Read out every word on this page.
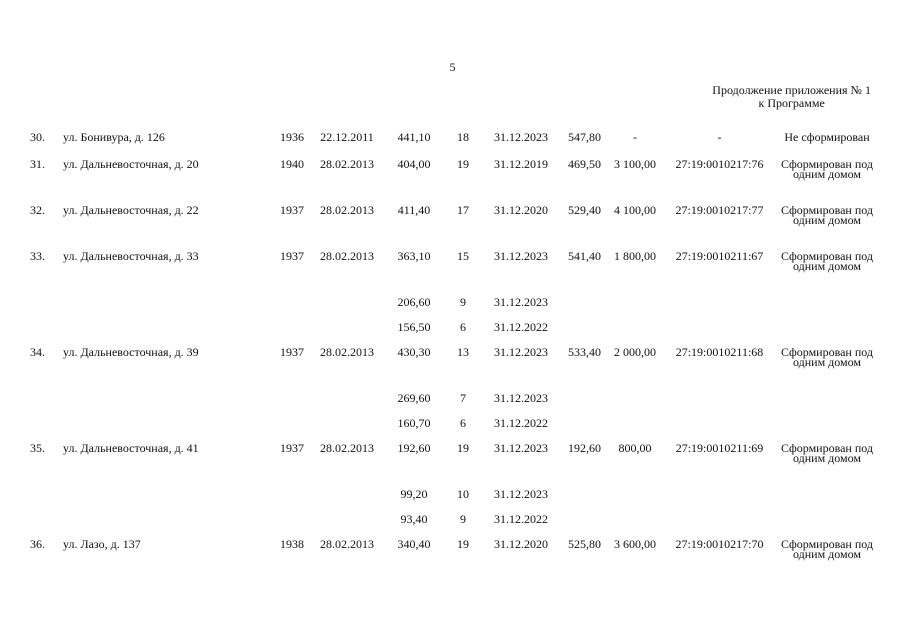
5
Продолжение приложения № 1
к Программе
30.	ул. Бонивура, д. 126	1936	22.12.2011	441,10	18	31.12.2023	547,80	-	-	Не сформирован
31.	ул. Дальневосточная, д. 20	1940	28.02.2013	404,00	19	31.12.2019	469,50	3 100,00	27:19:0010217:76	Сформирован под одним домом
32.	ул. Дальневосточная, д. 22	1937	28.02.2013	411,40	17	31.12.2020	529,40	4 100,00	27:19:0010217:77	Сформирован под одним домом
33.	ул. Дальневосточная, д. 33	1937	28.02.2013	363,10	15	31.12.2023	541,40	1 800,00	27:19:0010211:67	Сформирован под одним домом
				206,60	9	31.12.2023				
				156,50	6	31.12.2022				
34.	ул. Дальневосточная, д. 39	1937	28.02.2013	430,30	13	31.12.2023	533,40	2 000,00	27:19:0010211:68	Сформирован под одним домом
				269,60	7	31.12.2023				
				160,70	6	31.12.2022				
35.	ул. Дальневосточная, д. 41	1937	28.02.2013	192,60	19	31.12.2023	192,60	800,00	27:19:0010211:69	Сформирован под одним домом
				99,20	10	31.12.2023				
				93,40	9	31.12.2022				
36.	ул. Лазо, д. 137	1938	28.02.2013	340,40	19	31.12.2020	525,80	3 600,00	27:19:0010217:70	Сформирован под одним домом
